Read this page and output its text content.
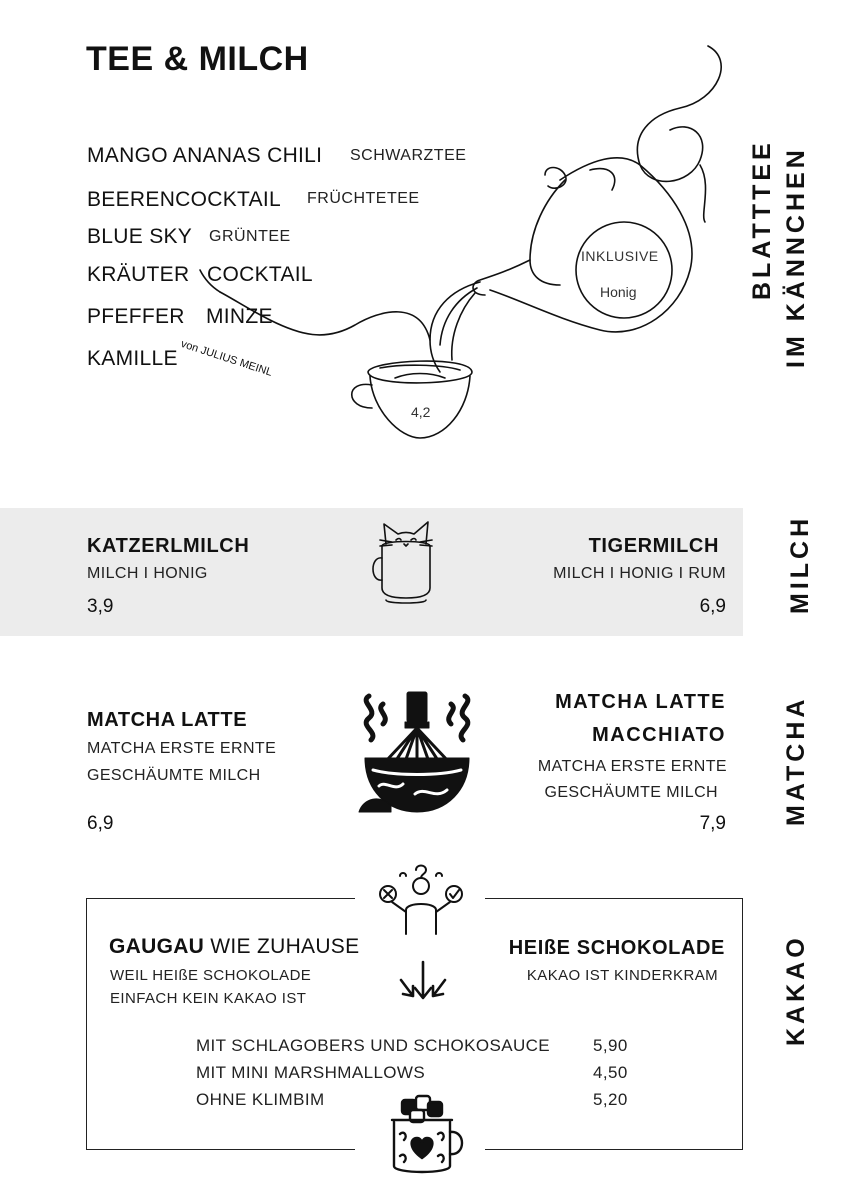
TEE & MILCH
MANGO ANANAS CHILI SCHWARZTEE
BEERENCOCKTAIL FRÜCHTETEE
BLUE SKY GRÜNTEE
KRÄUTER COCKTAIL
PFEFFER MINZE
KAMILLE von JULIUS MEINL
INKLUSIVE
Honig
4,2
BLATTTEE IM KÄNNCHEN
KATZERLMILCH
MILCH I HONIG
3,9
TIGERMILCH
MILCH I HONIG I RUM
6,9 MILCH
MATCHA LATTE
MATCHA ERSTE ERNTE
GESCHÄUMTE MILCH
6,9
MATCHA LATTE
MACCHIATO
MATCHA ERSTE ERNTE
GESCHÄUMTE MILCH
7,9 MATCHA
GAUGAU WIE ZUHAUSE
WEIL HEIßE SCHOKOLADE
EINFACH KEIN KAKAO IST
HEIßE SCHOKOLADE
KAKAO IST KINDERKRAM
MIT SCHLAGOBERS UND SCHOKOSAUCE	5,90
MIT MINI MARSHMALLOWS	4,50
OHNE KLIMBIM	5,20
KAKAO
